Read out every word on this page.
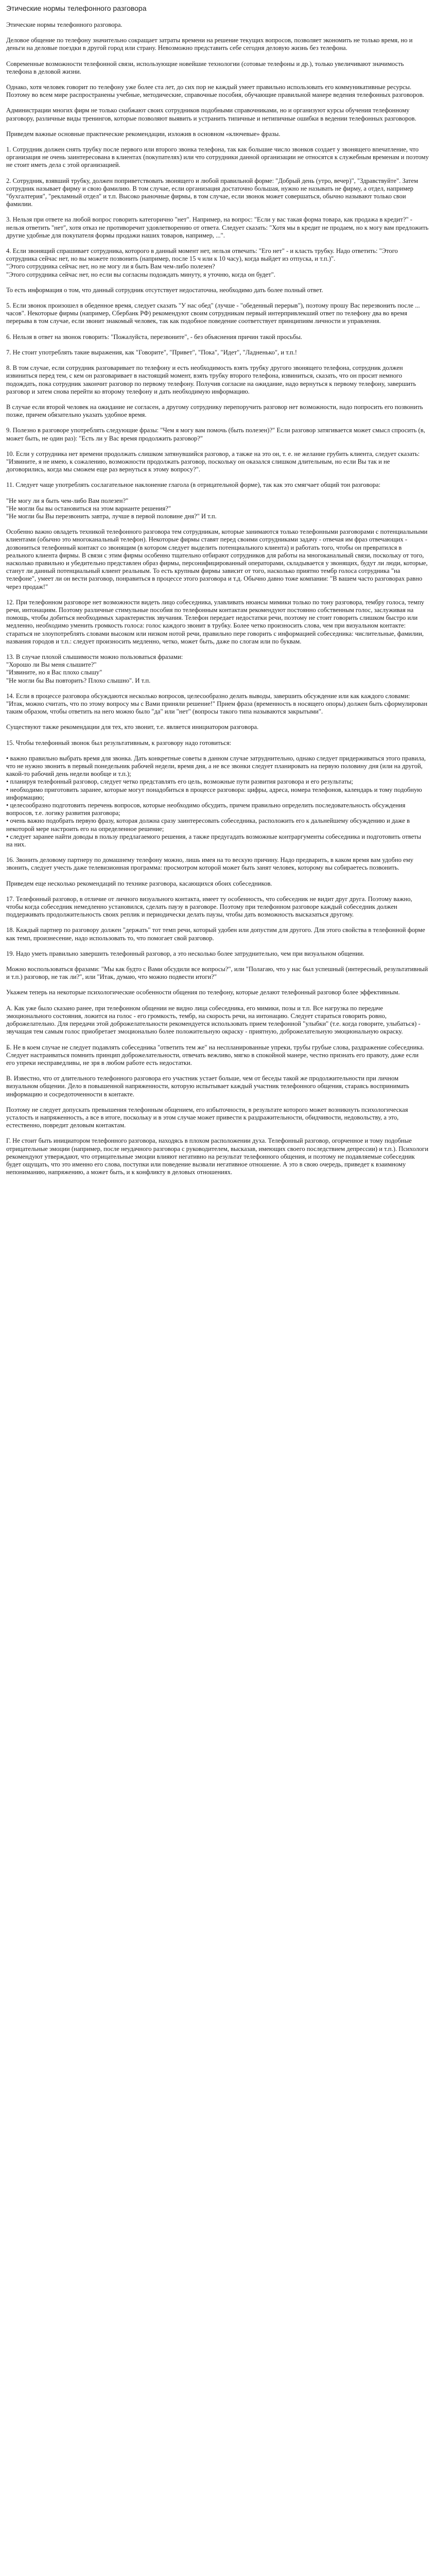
Этические нормы телефонного разговора

Этические нормы телефонного разговора.

Деловое общение по телефону значительно сокращает затраты времени на решение текущих вопросов, позволяет экономить не только время, но и деньги на деловые поездки в другой город или страну. Невозможно представить себе сегодня деловую жизнь без телефона.

Современные возможности телефонной связи, использующие новейшие технологии (сотовые телефоны и др.), только увеличивают значимость телефона в деловой жизни.

Однако, хотя человек говорит по телефону уже более ста лет, до сих пор не каждый умеет правильно использовать его коммуникативные ресурсы. Поэтому во всем мире распространены учебные, методические, справочные пособия, обучающие правильной манере ведения телефонных разговоров.

Администрации многих фирм не только снабжают своих сотрудников подобными справочниками, но и организуют курсы обучения телефонному разговору, различные виды тренингов, которые позволяют выявить и устранить типичные и нетипичные ошибки в ведении телефонных разговоров.

Приведем важные основные практические рекомендации, изложив в основном «ключевые» фразы.

1. Сотрудник должен снять трубку после первого или второго звонка телефона, так как большие число звонков создает у звонящего впечатление, что организация не очень заинтересована в клиентах (покупателях) или что сотрудники данной организации не относятся к служебным временам и поэтому не стоит иметь дела с этой организацией.

2. Сотрудник, взявший трубку, должен поприветствовать звонящего и любой правильной форме: "Добрый день (утро, вечер)", "Здравствуйте". Затем сотрудник называет фирму и свою фамилию. В том случае, если организация достаточно большая, нужно не называть не фирму, а отдел, например "бухгалтерия", "рекламный отдел" и т.п. Высоко рыночные фирмы, в том случае, если звонок может совершаться, обычно называют только свои фамилии.

3. Нельзя при ответе на любой вопрос говорить категорично "нет". Например, на вопрос: "Если у вас такая форма товара, как продажа в кредит?" - нельзя ответить "нет", хотя отказ не противоречит удовлетворению от ответа. Следует сказать: "Хотя мы в кредит не продаем, но к могу вам предложить другие удобные для покупателя формы продажи наших товаров, например, ...".

4. Если звонящий спрашивает сотрудника, которого в данный момент нет, нельзя отвечать: "Его нет" - и класть трубку. Надо ответить: "Этого сотрудника сейчас нет, но вы можете позвонить (например, после 15 ч или к 10 часу), когда выйдет из отпуска, и т.п.)".
"Этого сотрудника сейчас нет, но не могу ли я быть Вам чем-либо полезен?
"Этого сотрудника сейчас нет, но если вы согласны подождать минуту, я уточню, когда он будет".

То есть информация о том, что данный сотрудник отсутствует недостаточна, необходимо дать более полный ответ.

5. Если звонок произошел в обеденное время, следует сказать "У нас обед" (лучше - "обеденный перерыв"), поэтому прошу Вас перезвонить после ... часов". Некоторые фирмы (например, Сбербанк РФ) рекомендуют своим сотрудникам первый интерпривлекший ответ по телефону два во время перерыва в том случае, если звонит знакомый человек, так как подобное поведение соответствует принципиям личности и управления.

6. Нельзя в ответ на звонок говорить: "Пожалуйста, перезвоните", - без объяснения причин такой просьбы.

7. Не стоит употреблять такие выражения, как "Говорите", "Привет", "Пока", "Идет", "Ладненько", и т.п.!

8. В том случае, если сотрудник разговаривает по телефону и есть необходимость взять трубку другого звонящего телефона, сотрудник должен извиниться перед тем, с кем он разговаривает в настоящий момент, взять трубку второго телефона, извиниться, сказать, что он просит немного подождать, пока сотрудник закончит разговор по первому телефону. Получив согласие на ожидание, надо вернуться к первому телефону, завершить разговор и затем снова перейти ко второму телефону и дать необходимую информацию.

В случае если второй человек на ожидание не согласен, а другому сотруднику перепоручить разговор нет возможности, надо попросить его позвонить позже, причем обязательно указать удобное время.

9. Полезно в разговоре употреблять следующие фразы: "Чем я могу вам помочь (быть полезен)?" Если разговор затягивается может смысл спросить (в, может быть, не один раз): "Есть ли у Вас время продолжить разговор?"

10. Если у сотрудника нет времени продолжать слишком затянувшийся разговор, а также на это он, т. е. не желание грубить клиента, следует сказать: "Извините, я не имею, к сожалению, возможности продолжать разговор, поскольку он оказался слишком длительным, но если Вы так и не договорились, когда мы сможем еще раз вернуться к этому вопросу?".

11. Следует чаще употреблять сослагательное наклонение глагола (в отрицательной форме), так как это смягчает общий тон разговора:

"Не могу ли я быть чем-либо Вам полезен?"
"Не могли бы вы остановиться на этом варианте решения?"
"Не могли бы Вы перезвонить завтра, лучше в первой половине дня?" И т.п.

Особенно важно овладеть техникой телефонного разговора тем сотрудникам, которые занимаются только телефонными разговорами с потенциальными клиентами (обычно это многоканальный телефон). Некоторые фирмы ставят перед своими сотрудниками задачу - отвечая им фраз отвечающих - дозвониться телефонный контакт со звонящим (в котором следует выделить потенциального клиента) и работать того, чтобы он превратился в реального клиента фирмы. В связи с этим фирмы особенно тщательно отбирают сотрудников для работы на многоканальный связи, поскольку от того, насколько правильно и убедительно представлен образ фирмы, персонифицированный операторами, складывается у звонящих, будут ли люди, которые, станут ли данный потенциальный клиент реальным. То есть крупным фирмы зависит от того, насколько приятно тембр голоса сотрудника "на телефоне", умеет ли он вести разговор, понравиться в процессе этого разговора и т.д. Обычно давно тоже компании: "В вашем часто разговорах равно через продаж!"

12. При телефонном разговоре нет возможности видеть лицо собеседника, улавливать нюансы мимики только по тону разговора, тембру голоса, темпу речи, интонациям. Поэтому различные стимульные пособия по телефонным контактам рекомендуют постоянно собственным голос, заслуживая на помощь, чтобы добиться необходимых характеристик звучания. Телефон передает недостатки речи, поэтому не стоит говорить слишком быстро или медленно, необходимо уменить громкость голоса: голос каждого звонит в трубку. Более четко произносить слова, чем при визуальном контакте: стараться не злоупотреблять словами высоком или низком нотой речи, правильно пере говорить с информацией собеседника: числительные, фамилии, названия городов и т.п.: следует произносить медленно, четко, может быть, даже по слогам или по буквам.

13. В случае плохой слышимости можно пользоваться фразами:
"Хорошо ли Вы меня слышите?"
"Извините, но я Вас плохо слышу"
"Не могли бы Вы повторить? Плохо слышно". И т.п.

14. Если в процессе разговора обсуждаются несколько вопросов, целесообразно делать выводы, завершить обсуждение или как каждого словами: "Итак, можно считать, что по этому вопросу мы с Вами приняли решение!" Прием фраза (временность в носящего опоры) должен быть сформулирован таким образом, чтобы ответить на него можно было "да" или "нет" (вопросы такого типа называются закрытыми".

Существуют также рекомендации для тех, кто звонит, т.е. является инициатором разговора.

15. Чтобы телефонный звонок был результативным, к разговору надо готовиться:

• важно правильно выбрать время для звонка. Дать конкретные советы в данном случае затруднительно, однако следует придерживаться этого правила, что не нужно звонить в первый понедельник рабочей недели, время дня, а не все звонки следует планировать на первую половину дня (или на другой, какой-то рабочий день недели вообще и т.п.);
• планируя телефонный разговор, следует четко представлять его цель, возможные пути развития разговора и его результаты;
• необходимо приготовить заранее, которые могут понадобиться в процессе разговора: цифры, адреса, номера телефонов, календарь и тому подобную информацию;
• целесообразно подготовить перечень вопросов, которые необходимо обсудить, причем правильно определить последовательность обсуждения вопросов, т.е. логику развития разговора;
• очень важно подобрать первую фразу, которая должна сразу заинтересовать собеседника, расположить его к дальнейшему обсуждению и даже в некоторой мере настроить его на определенное решение;
• следует заранее найти доводы в пользу предлагаемого решения, а также предугадать возможные контраргументы собеседника и подготовить ответы на них.

16. Звонить деловому партнеру по домашнему телефону можно, лишь имея на то вескую причину. Надо предварить, в каком время вам удобно ему звонить, следует учесть даже телевизионная программа: просмотром которой может быть занят человек, которому вы собираетесь позвонить.

Приведем еще несколько рекомендаций по технике разговора, касающихся обоих собеседников.

17. Телефонный разговор, в отличие от личного визуального контакта, имеет ту особенность, что собеседник не видит друг друга. Поэтому важно, чтобы когда собеседник немедленно установился, сделать паузу в разговоре. Поэтому при телефонном разговоре каждый собеседник должен поддерживать продолжительность своих реплик и периодически делать паузы, чтобы дать возможность высказаться другому.

18. Каждый партнер по разговору должен "держать" тот темп речи, который удобен или допустим для другого. Для этого свойства в телефонной форме как темп, произнесение, надо использовать то, что помогает свой разговор.

19. Надо уметь правильно завершить телефонный разговор, а это несколько более затруднительно, чем при визуальном общении.

Можно воспользоваться фразами: "Мы как будто с Вами обсудили все вопросы?", или "Полагаю, что у нас был успешный (интересный, результативный и т.п.) разговор, не так ли?", или "Итак, думаю, что можно подвести итоги?"

Укажем теперь на некоторые психологические особенности общения по телефону, которые делают телефонный разговор более эффективным.

А. Как уже было сказано ранее, при телефонном общении не видно лица собеседника, его мимики, позы и т.п. Все нагрузка по передаче эмоционального состояния, ложится на голос - его громкость, тембр, на скорость речи, на интонацию. Следует стараться говорить ровно, доброжелательно. Для передачи этой доброжелательности рекомендуется использовать прием телефонной "улыбки" (т.е. когда говорите, улыбаться) - звучащая тем самым голос приобретает эмоционально более положительную окраску - приятную, доброжелательную эмоциональную окраску.

Б. Не в коем случае не следует подавлять собеседника "ответить тем же" на неспланированные упреки, трубы грубые слова, раздражение собеседника. Следует настраиваться помнить принцип доброжелательности, отвечать вежливо, мягко в спокойной манере, честно признать его правоту, даже если его упреки несправедливы, не зря в любом работе есть недостатки.

В. Известно, что от длительного телефонного разговора его участник устает больше, чем от беседы такой же продолжительности при личном визуальном общении. Дело в повышенной напряженности, которую испытывает каждый участник телефонного общения, стараясь воспринимать информацию и сосредоточенности в контакте.

Поэтому не следует допускать превышения телефонным общением, его избыточности, в результате которого может возникнуть психологическая усталость и напряженность, а все в итоге, поскольку и в этом случае может привести к раздражительности, обидчивости, недовольству, а это, естественно, повредит деловым контактам.

Г. Не стоит быть инициатором телефонного разговора, находясь в плохом расположении духа. Телефонный разговор, огорченное и тому подобные отрицательные эмоции (например, после неудачного разговора с руководителем, высказав, имеющих своего последствием депрессии) и т.п.). Психологи рекомендуют утверждают, что отрицательные эмоции влияют негативно на результат телефонного общения, и поэтому не подавляемые собеседник будет ощущать, что это именно его слова, поступки или поведение вызвали негативное отношение. А это в свою очередь, приведет к взаимному непониманию, напряжению, а может быть, и к конфликту в деловых отношениях.
